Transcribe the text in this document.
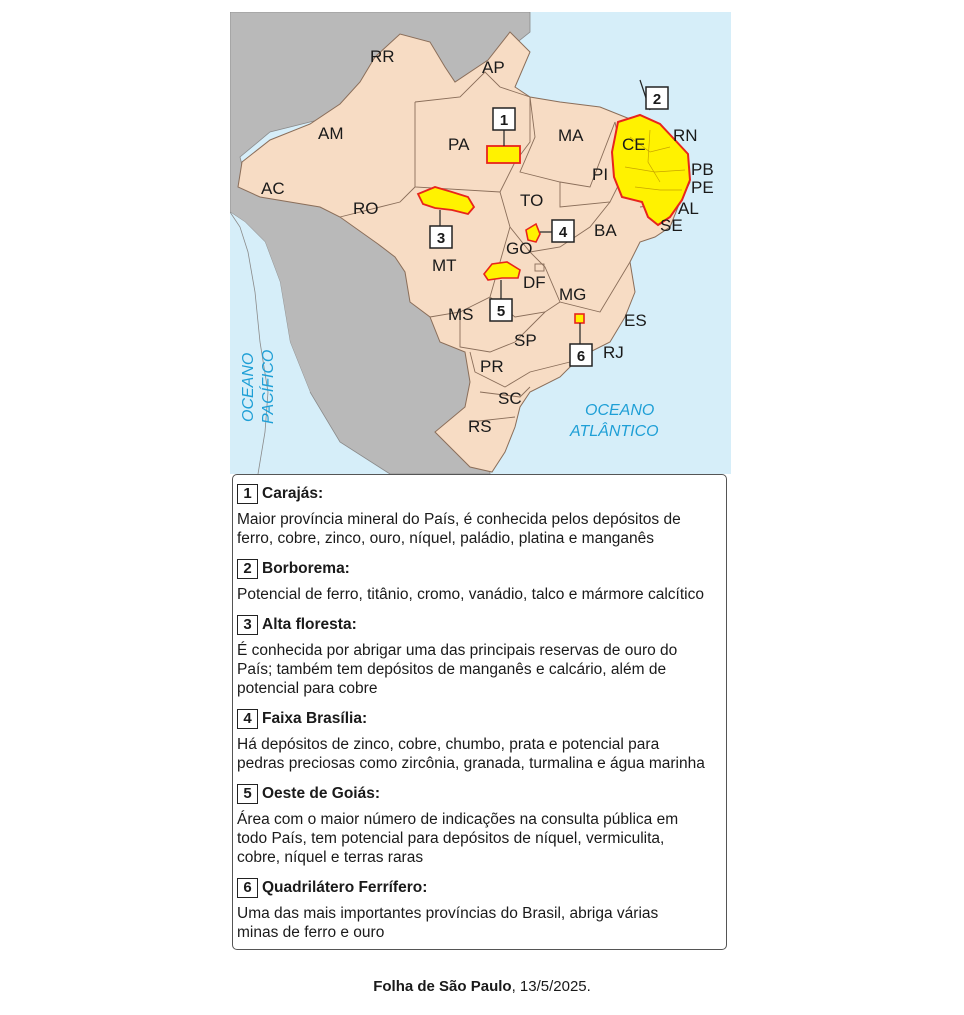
1
2
3	4
5
6
RR
AP
AM
PA	MA CE RN
PB
PE
AL
SE
PI
AC
RO	TO
BA
GO
DF
MT
MS
MG
ES
SP
RJ
PR
SC
RS
OCEANO PACÍFICO	OCEANO
ATLÂNTICO
1 Carajás:
Maior província mineral do País, é conhecida pelos depósitos de
ferro, cobre, zinco, ouro, níquel, paládio, platina e manganês
2 Borborema:
Potencial de ferro, titânio, cromo, vanádio, talco e mármore calcítico
3 Alta floresta:
É conhecida por abrigar uma das principais reservas de ouro do
País; também tem depósitos de manganês e calcário, além de
potencial para cobre
4 Faixa Brasília:
Há depósitos de zinco, cobre, chumbo, prata e potencial para
pedras preciosas como zircônia, granada, turmalina e água marinha
5 Oeste de Goiás:
Área com o maior número de indicações na consulta pública em
todo País, tem potencial para depósitos de níquel, vermiculita,
cobre, níquel e terras raras
6 Quadrilátero Ferrífero:
Uma das mais importantes províncias do Brasil, abriga várias
minas de ferro e ouro
Folha de São Paulo, 13/5/2025.
